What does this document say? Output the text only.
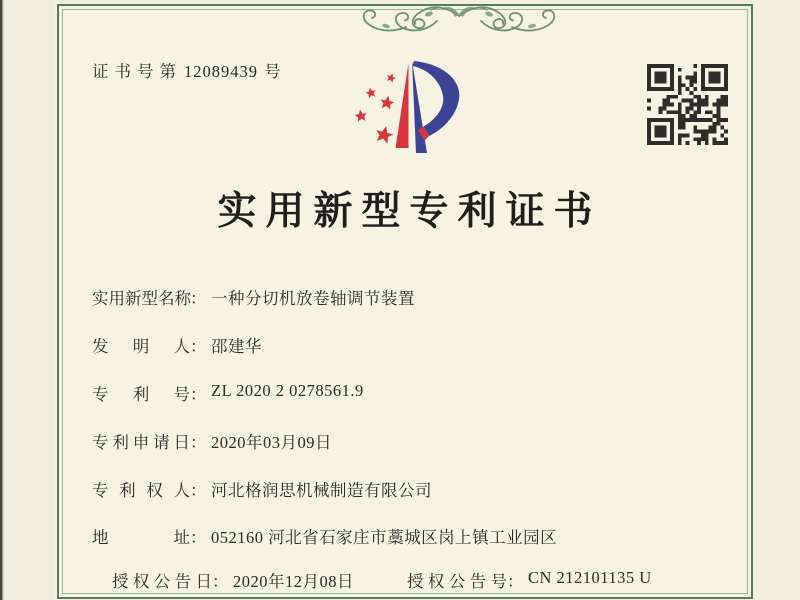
证书号第 12089439 号
实用新型专利证书
实用新型名称： 一种分切机放卷轴调节装置
发明人： 邵建华
专利号： ZL 2020 2 0278561.9
专利申请日： 2020年03月09日
专利权人： 河北格润思机械制造有限公司
地址： 052160 河北省石家庄市藁城区岗上镇工业园区
授权公告日： 2020年12月08日	授权公告号： CN 212101135 U
